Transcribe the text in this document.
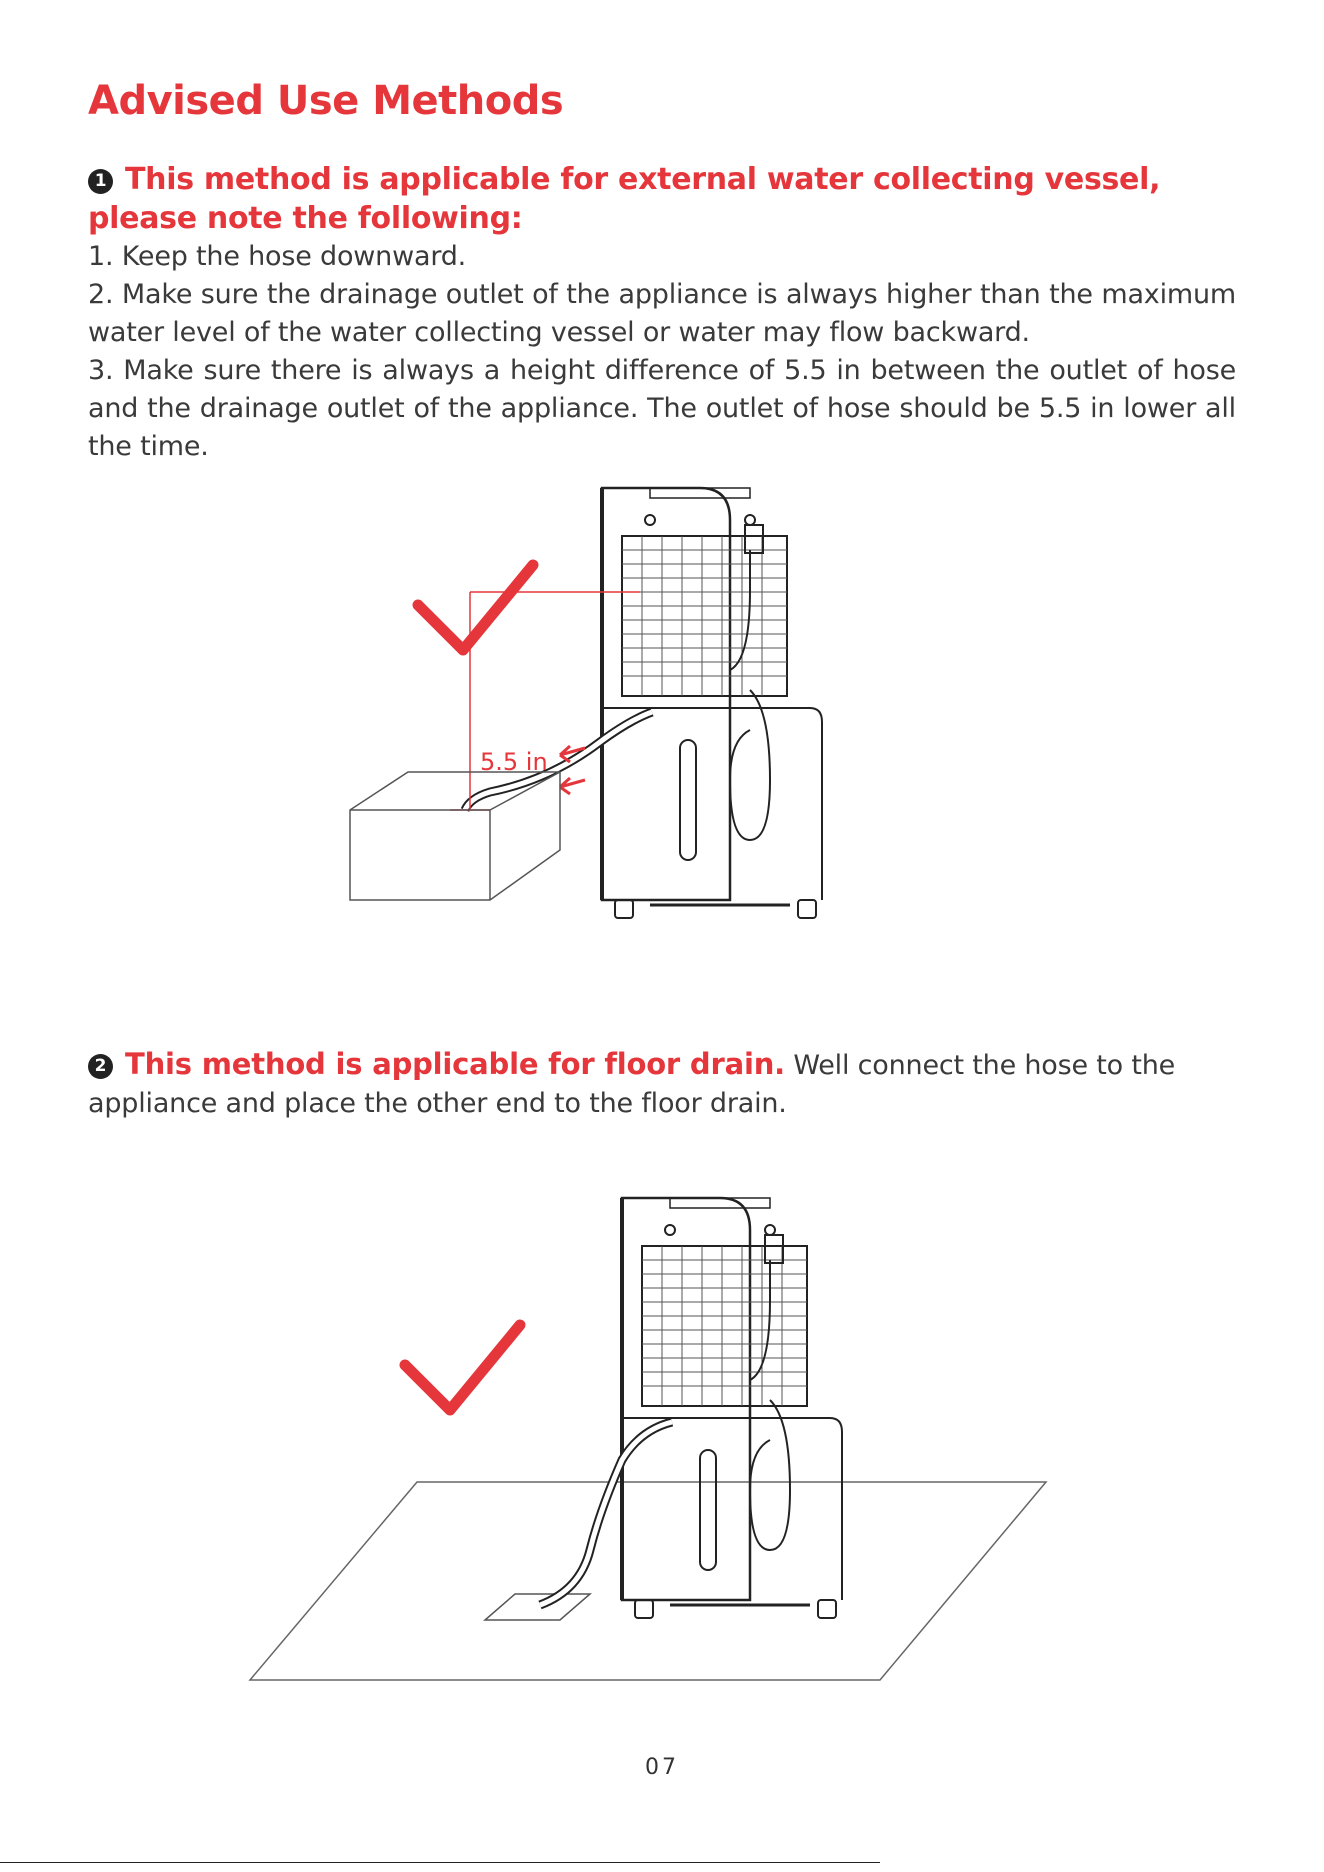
Advised Use Methods

1 This method is applicable for external water collecting vessel, please note the following:

1. Keep the hose downward.

2. Make sure the drainage outlet of the appliance is always higher than the maximum water level of the water collecting vessel or water may flow backward.

3. Make sure there is always a height difference of 5.5 in between the outlet of hose and the drainage outlet of the appliance. The outlet of hose should be 5.5 in lower all the time.

5.5 in

2 This method is applicable for floor drain. Well connect the hose to the appliance and place the other end to the floor drain.

07
